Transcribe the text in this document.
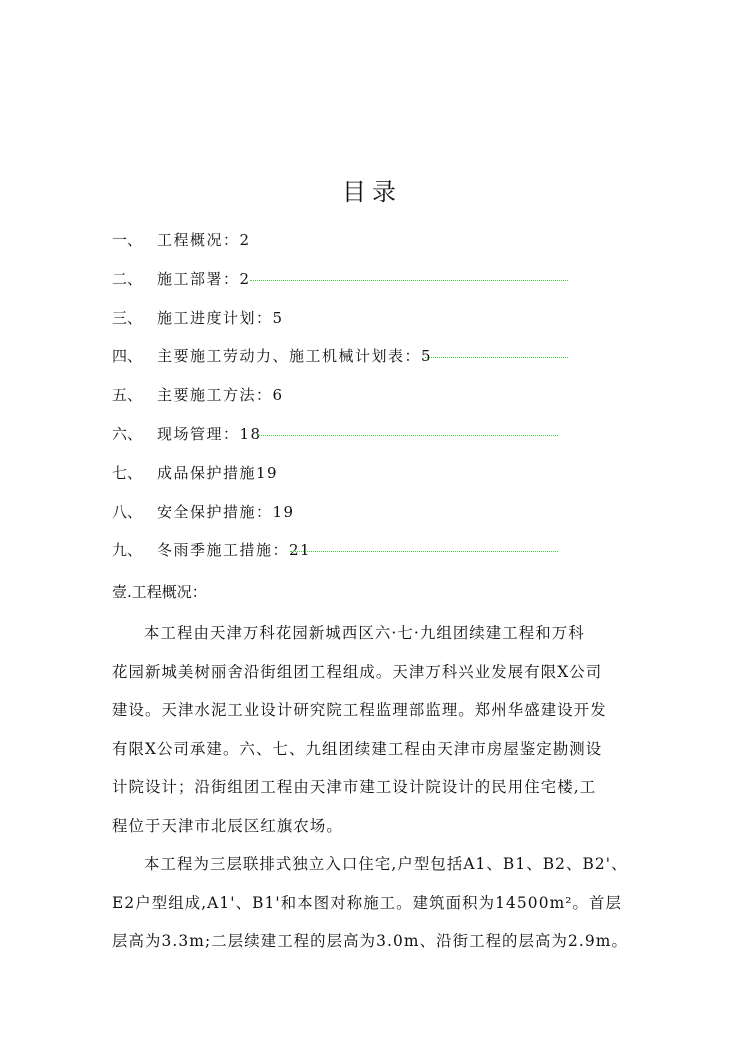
目录
一、 工程概况：2
二、 施工部署：2
三、 施工进度计划：5
四、 主要施工劳动力、施工机械计划表：5
五、 主要施工方法：6
六、 现场管理：18
七、 成品保护措施19
八、 安全保护措施：19
九、 冬雨季施工措施：21
壹.工程概况：
本工程由天津万科花园新城西区六·七·九组团续建工程和万科
花园新城美树丽舍沿街组团工程组成。天津万科兴业发展有限X公司
建设。天津水泥工业设计研究院工程监理部监理。郑州华盛建设开发
有限X公司承建。六、七、九组团续建工程由天津市房屋鉴定勘测设
计院设计；沿街组团工程由天津市建工设计院设计的民用住宅楼,工
程位于天津市北辰区红旗农场。
本工程为三层联排式独立入口住宅,户型包括A1、B1、B2、B2'、
E2户型组成,A1'、B1'和本图对称施工。建筑面积为14500m²。首层
层高为3.3m;二层续建工程的层高为3.0m、沿街工程的层高为2.9m。
